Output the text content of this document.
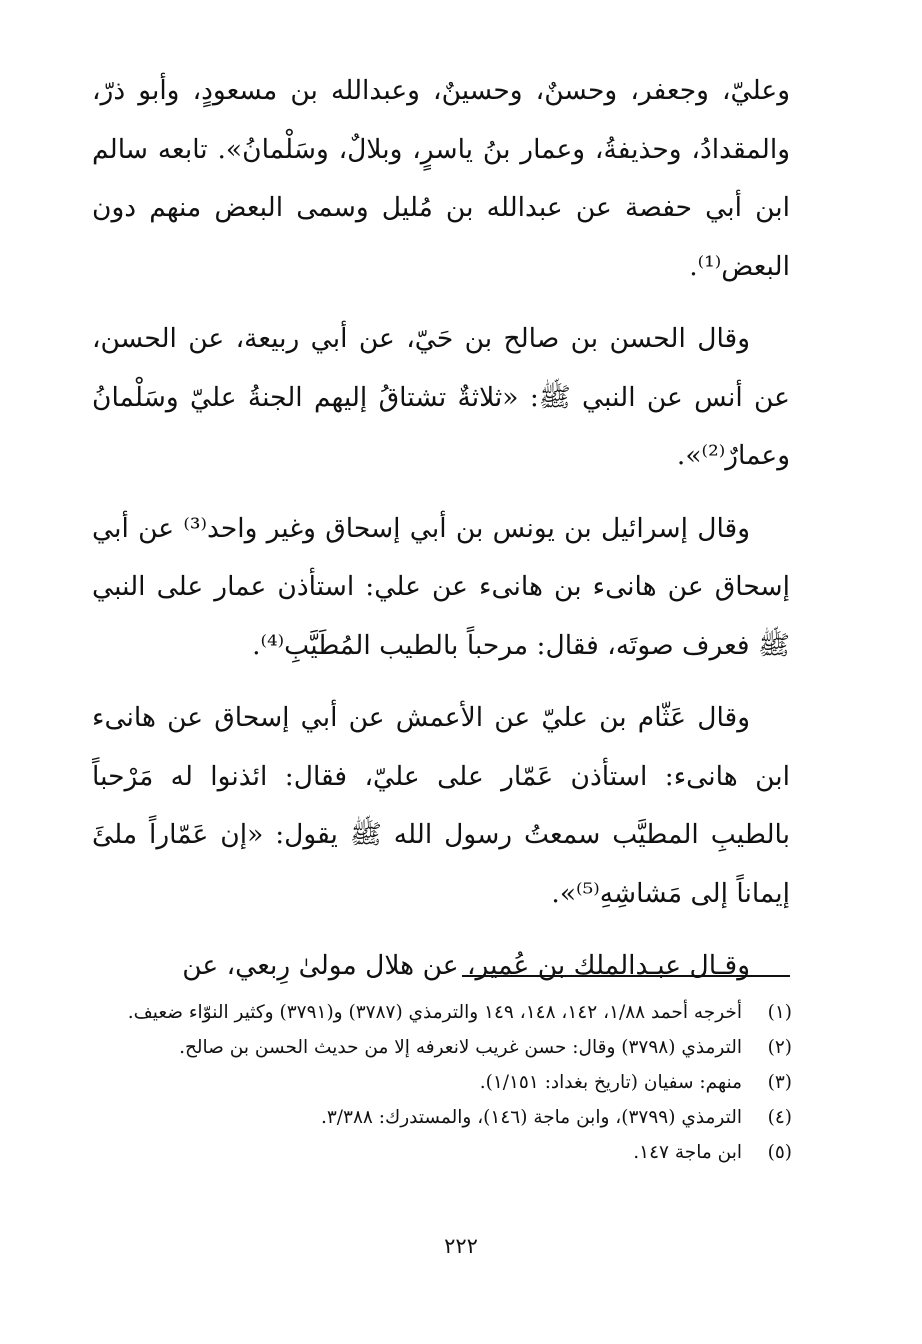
وعليّ، وجعفر، وحسنٌ، وحسينٌ، وعبدالله بن مسعودٍ، وأبو ذرّ، والمقدادُ، وحذيفةُ، وعمار بنُ ياسرٍ، وبلالٌ، وسَلْمانُ». تابعه سالم ابن أبي حفصة عن عبدالله بن مُليل وسمى البعض منهم دون البعض⁽¹⁾.

وقال الحسن بن صالح بن حَيّ، عن أبي ربيعة، عن الحسن، عن أنس عن النبي ﷺ: «ثلاثةٌ تشتاقُ إليهم الجنةُ عليّ وسَلْمانُ وعمارٌ⁽²⁾».

وقال إسرائيل بن يونس بن أبي إسحاق وغير واحد⁽³⁾ عن أبي إسحاق عن هانىء بن هانىء عن علي: استأذن عمار على النبي ﷺ فعرف صوتَه، فقال: مرحباً بالطيب المُطَيَّبِ⁽⁴⁾.

وقال عَثّام بن عليّ عن الأعمش عن أبي إسحاق عن هانىء ابن هانىء: استأذن عَمّار على عليّ، فقال: ائذنوا له مَرْحباً بالطيبِ المطيَّب سمعتُ رسول الله ﷺ يقول: «إن عَمّاراً ملئَ إيماناً إلى مَشاشِهِ⁽⁵⁾».

وقـال عبـدالملك بن عُمير، عن هلال مولىٰ رِبعي، عن

(١)
أخرجه أحمد ١/٨٨، ١٤٢، ١٤٨، ١٤٩ والترمذي (٣٧٨٧) و(٣٧٩١) وكثير النوّاء ضعيف.
(٢)
الترمذي (٣٧٩٨) وقال: حسن غريب لانعرفه إلا من حديث الحسن بن صالح.
(٣)
منهم: سفيان (تاريخ بغداد: ١/١٥١).
(٤)
الترمذي (٣٧٩٩)، وابن ماجة (١٤٦)، والمستدرك: ٣/٣٨٨.
(٥)
ابن ماجة ١٤٧.
٢٢٢
